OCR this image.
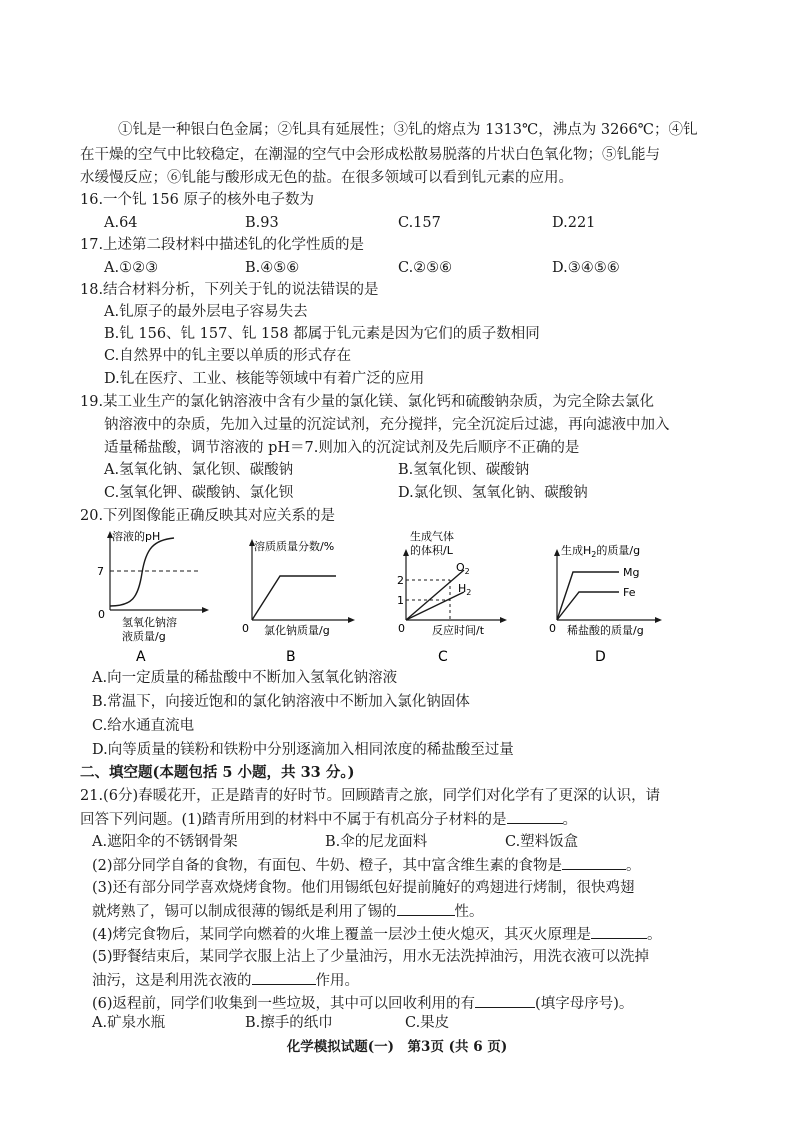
①钆是一种银白色金属；②钆具有延展性；③钆的熔点为 1313℃，沸点为 3266℃；④钆
在干燥的空气中比较稳定，在潮湿的空气中会形成松散易脱落的片状白色氧化物；⑤钆能与
水缓慢反应；⑥钆能与酸形成无色的盐。在很多领域可以看到钆元素的应用。
16.一个钆 156 原子的核外电子数为
A.64	B.93	C.157	D.221
17.上述第二段材料中描述钆的化学性质的是
A.①②③	B.④⑤⑥	C.②⑤⑥	D.③④⑤⑥
18.结合材料分析，下列关于钆的说法错误的是
A.钆原子的最外层电子容易失去
B.钆 156、钆 157、钆 158 都属于钆元素是因为它们的质子数相同
C.自然界中的钆主要以单质的形式存在
D.钆在医疗、工业、核能等领域中有着广泛的应用
19.某工业生产的氯化钠溶液中含有少量的氯化镁、氯化钙和硫酸钠杂质，为完全除去氯化
钠溶液中的杂质，先加入过量的沉淀试剂，充分搅拌，完全沉淀后过滤，再向滤液中加入
适量稀盐酸，调节溶液的 pH＝7.则加入的沉淀试剂及先后顺序不正确的是
A.氢氧化钠、氯化钡、碳酸钠	B.氢氧化钡、碳酸钠
C.氢氧化钾、碳酸钠、氯化钡	D.氯化钡、氢氧化钠、碳酸钠
20.下列图像能正确反映其对应关系的是
溶液的pH
7
0
氢氧化钠溶
液质量/g
A
溶质质量分数/%
0 氯化钠质量/g
B
生成气体
的体积/L
2
1
0
$O_2$
$H_2$
反应时间/t
C
生成$H_2$的质量/g
Mg
Fe
0 稀盐酸的质量/g
D
A.向一定质量的稀盐酸中不断加入氢氧化钠溶液
B.常温下，向接近饱和的氯化钠溶液中不断加入氯化钠固体
C.给水通直流电
D.向等质量的镁粉和铁粉中分别逐滴加入相同浓度的稀盐酸至过量
二、填空题(本题包括 5 小题，共 33 分。)
21.(6分)春暖花开，正是踏青的好时节。回顾踏青之旅，同学们对化学有了更深的认识，请
回答下列问题。(1)踏青所用到的材料中不属于有机高分子材料的是	。
A.遮阳伞的不锈钢骨架	B.伞的尼龙面料	C.塑料饭盒
(2)部分同学自备的食物，有面包、牛奶、橙子，其中富含维生素的食物是	。
(3)还有部分同学喜欢烧烤食物。他们用锡纸包好提前腌好的鸡翅进行烤制，很快鸡翅
就烤熟了，锡可以制成很薄的锡纸是利用了锡的	性。
(4)烤完食物后，某同学向燃着的火堆上覆盖一层沙土使火熄灭，其灭火原理是	。
(5)野餐结束后，某同学衣服上沾上了少量油污，用水无法洗掉油污，用洗衣液可以洗掉
油污，这是利用洗衣液的	作用。
(6)返程前，同学们收集到一些垃圾，其中可以回收利用的有	(填字母序号)。
A.矿泉水瓶	B.擦手的纸巾	C.果皮
化学模拟试题(一)　第3页 (共 6 页)
